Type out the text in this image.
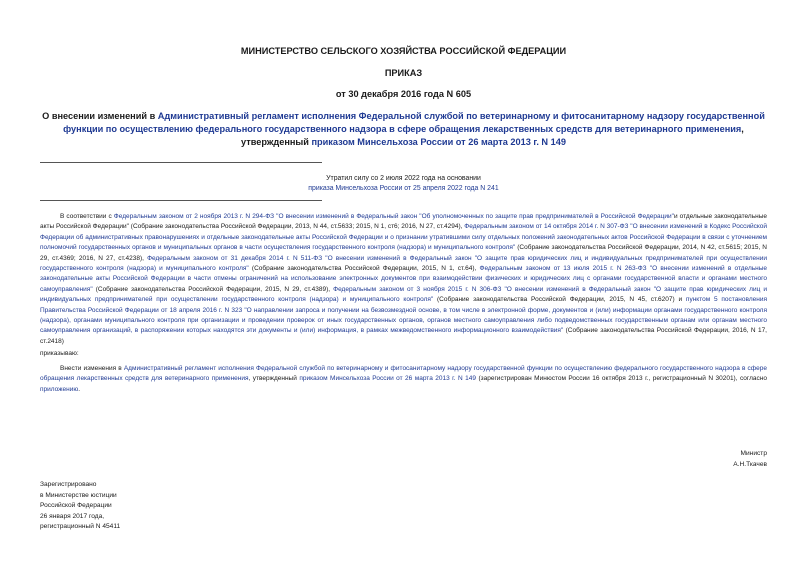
МИНИСТЕРСТВО СЕЛЬСКОГО ХОЗЯЙСТВА РОССИЙСКОЙ ФЕДЕРАЦИИ
ПРИКАЗ
от 30 декабря 2016 года N 605
О внесении изменений в Административный регламент исполнения Федеральной службой по ветеринарному и фитосанитарному надзору государственной функции по осуществлению федерального государственного надзора в сфере обращения лекарственных средств для ветеринарного применения, утвержденный приказом Минсельхоза России от 26 марта 2013 г. N 149
Утратил силу со 2 июля 2022 года на основании
приказа Минсельхоза России от 25 апреля 2022 года N 241
В соответствии с Федеральным законом от 2 ноября 2013 г. N 294-ФЗ "О внесении изменений в Федеральный закон "Об уполномоченных по защите прав предпринимателей в Российской Федерации"и отдельные законодательные акты Российской Федерации" (Собрание законодательства Российской Федерации, 2013, N 44, ст.5633; 2015, N 1, ст6; 2016, N 27, ст.4294), Федеральным законом от 14 октября 2014 г. N 307-ФЗ "О внесении изменений в Кодекс Российской Федерации об административных правонарушениях и отдельные законодательные акты Российской Федерации и о признании утратившими силу отдельных положений законодательных актов Российской Федерации в связи с уточнением полномочий государственных органов и муниципальных органов в части осуществления государственного контроля (надзора) и муниципального контроля" (Собрание законодательства Российской Федерации, 2014, N 42, ст.5615; 2015, N 29, ст.4369; 2016, N 27, ст.4238), Федеральным законом от 31 декабря 2014 г. N 511-ФЗ "О внесении изменений в Федеральный закон "О защите прав юридических лиц и индивидуальных предпринимателей при осуществлении государственного контроля (надзора) и муниципального контроля" (Собрание законодательства Российской Федерации, 2015, N 1, ст.64), Федеральным законом от 13 июля 2015 г. N 263-ФЗ "О внесении изменений в отдельные законодательные акты Российской Федерации в части отмены ограничений на использование электронных документов при взаимодействии физических и юридических лиц с органами государственной власти и органами местного самоуправления" (Собрание законодательства Российской Федерации, 2015, N 29, ст.4389), Федеральным законом от 3 ноября 2015 г. N 306-ФЗ "О внесении изменений в Федеральный закон "О защите прав юридических лиц и индивидуальных предпринимателей при осуществлении государственного контроля (надзора) и муниципального контроля" (Собрание законодательства Российской Федерации, 2015, N 45, ст.6207) и пунктом 5 постановления Правительства Российской Федерации от 18 апреля 2016 г. N 323 "О направлении запроса и получении на безвозмездной основе, в том числе в электронной форме, документов и (или) информации органами государственного контроля (надзора), органами муниципального контроля при организации и проведении проверок от иных государственных органов, органов местного самоуправления либо подведомственных государственным органам или органам местного самоуправления организаций, в распоряжении которых находятся эти документы и (или) информация, в рамках межведомственного информационного взаимодействия" (Собрание законодательства Российской Федерации, 2016, N 17, ст.2418)
приказываю:
Внести изменения в Административный регламент исполнения Федеральной службой по ветеринарному и фитосанитарному надзору государственной функции по осуществлению федерального государственного надзора в сфере обращения лекарственных средств для ветеринарного применения, утвержденный приказом Минсельхоза России от 26 марта 2013 г. N 149 (зарегистрирован Минюстом России 16 октября 2013 г., регистрационный N 30201), согласно приложению.
Министр
А.Н.Ткачев
Зарегистрировано
в Министерстве юстиции
Российской Федерации
26 января 2017 года,
регистрационный N 45411
